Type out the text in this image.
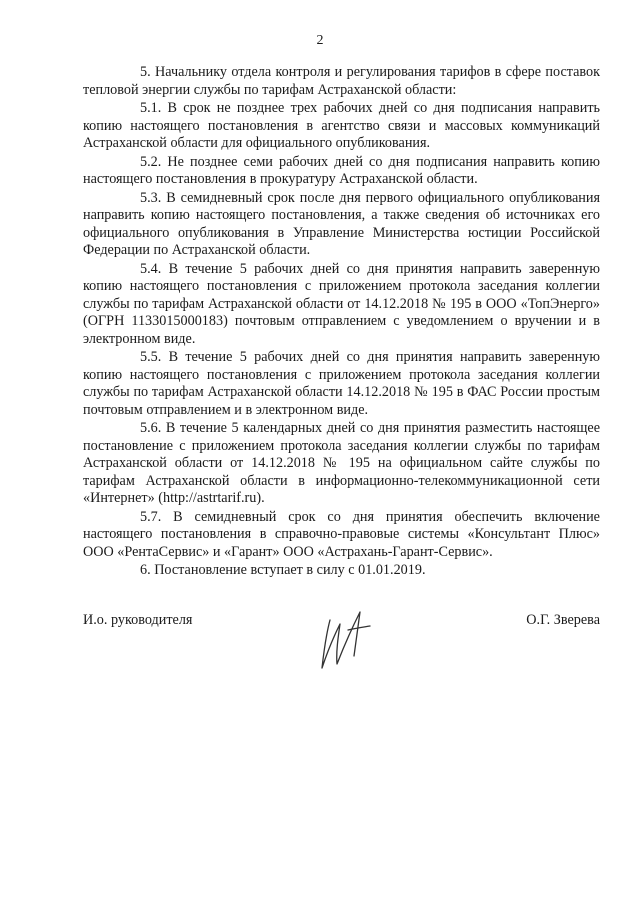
2

5. Начальнику отдела контроля и регулирования тарифов в сфере поставок тепловой энергии службы по тарифам Астраханской области:

5.1. В срок не позднее трех рабочих дней со дня подписания направить копию настоящего постановления в агентство связи и массовых коммуникаций Астраханской области для официального опубликования.

5.2. Не позднее семи рабочих дней со дня подписания направить копию настоящего постановления в прокуратуру Астраханской области.

5.3. В семидневный срок после дня первого официального опубликования направить копию настоящего постановления, а также сведения об источниках его официального опубликования в Управление Министерства юстиции Российской Федерации по Астраханской области.

5.4. В течение 5 рабочих дней со дня принятия направить заверенную копию настоящего постановления с приложением протокола заседания коллегии службы по тарифам Астраханской области от 14.12.2018 № 195 в ООО «ТопЭнерго» (ОГРН 1133015000183) почтовым отправлением с уведомлением о вручении и в электронном виде.

5.5. В течение 5 рабочих дней со дня принятия направить заверенную копию настоящего постановления с приложением протокола заседания коллегии службы по тарифам Астраханской области 14.12.2018 № 195 в ФАС России простым почтовым отправлением и в электронном виде.

5.6. В течение 5 календарных дней со дня принятия разместить настоящее постановление с приложением протокола заседания коллегии службы по тарифам Астраханской области от 14.12.2018 № 195 на официальном сайте службы по тарифам Астраханской области в информационно-телекоммуникационной сети «Интернет» (http://astrtarif.ru).

5.7. В семидневный срок со дня принятия обеспечить включение настоящего постановления в справочно-правовые системы «Консультант Плюс» ООО «РентаСервис» и «Гарант» ООО «Астрахань-Гарант-Сервис».

6. Постановление вступает в силу с 01.01.2019.

И.о. руководителя	О.Г. Зверева
